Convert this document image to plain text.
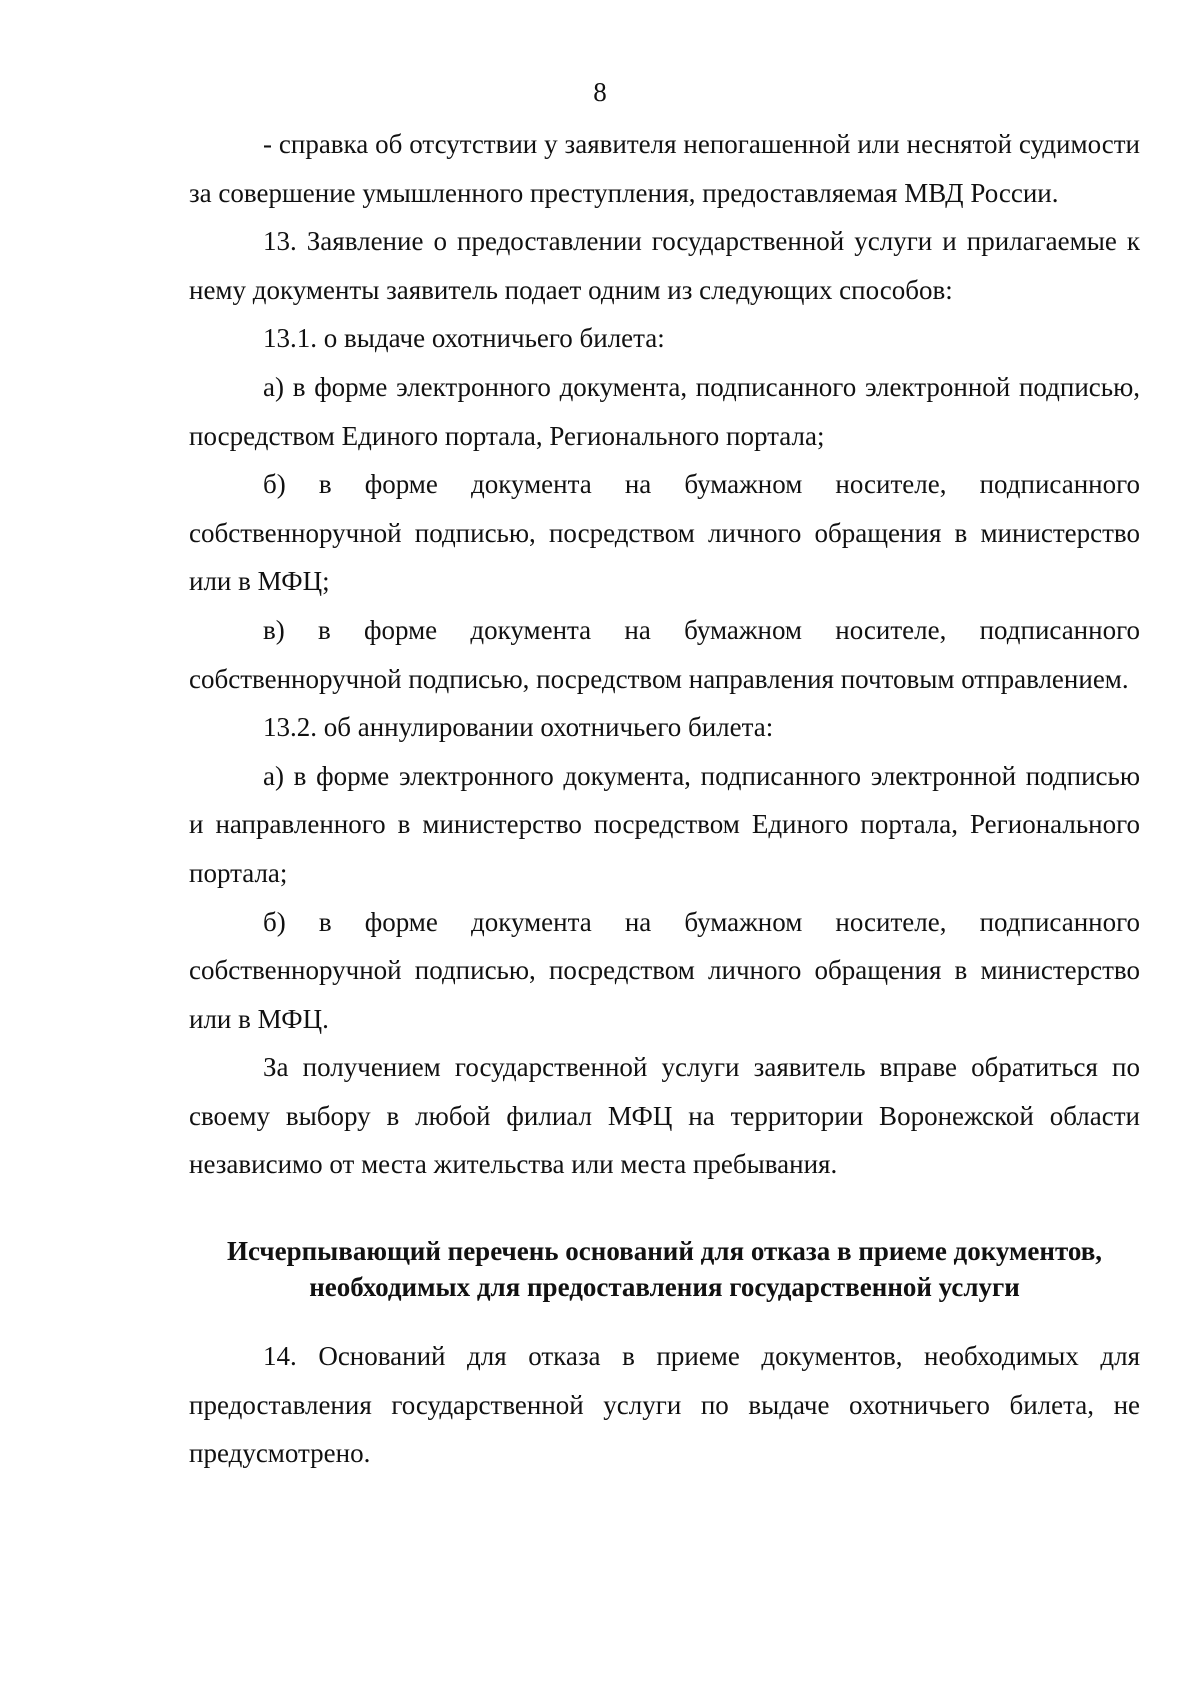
8

- справка об отсутствии у заявителя непогашенной или неснятой судимости за совершение умышленного преступления, предоставляемая МВД России.

13. Заявление о предоставлении государственной услуги и прилагаемые к нему документы заявитель подает одним из следующих способов:

13.1. о выдаче охотничьего билета:

а) в форме электронного документа, подписанного электронной подписью, посредством Единого портала, Регионального портала;

б) в форме документа на бумажном носителе, подписанного собственноручной подписью, посредством личного обращения в министерство или в МФЦ;

в) в форме документа на бумажном носителе, подписанного собственноручной подписью, посредством направления почтовым отправлением.

13.2. об аннулировании охотничьего билета:

а) в форме электронного документа, подписанного электронной подписью и направленного в министерство посредством Единого портала, Регионального портала;

б) в форме документа на бумажном носителе, подписанного собственноручной подписью, посредством личного обращения в министерство или в МФЦ.

За получением государственной услуги заявитель вправе обратиться по своему выбору в любой филиал МФЦ на территории Воронежской области независимо от места жительства или места пребывания.

Исчерпывающий перечень оснований для отказа в приеме документов,
необходимых для предоставления государственной услуги

14. Оснований для отказа в приеме документов, необходимых для предоставления государственной услуги по выдаче охотничьего билета, не предусмотрено.
